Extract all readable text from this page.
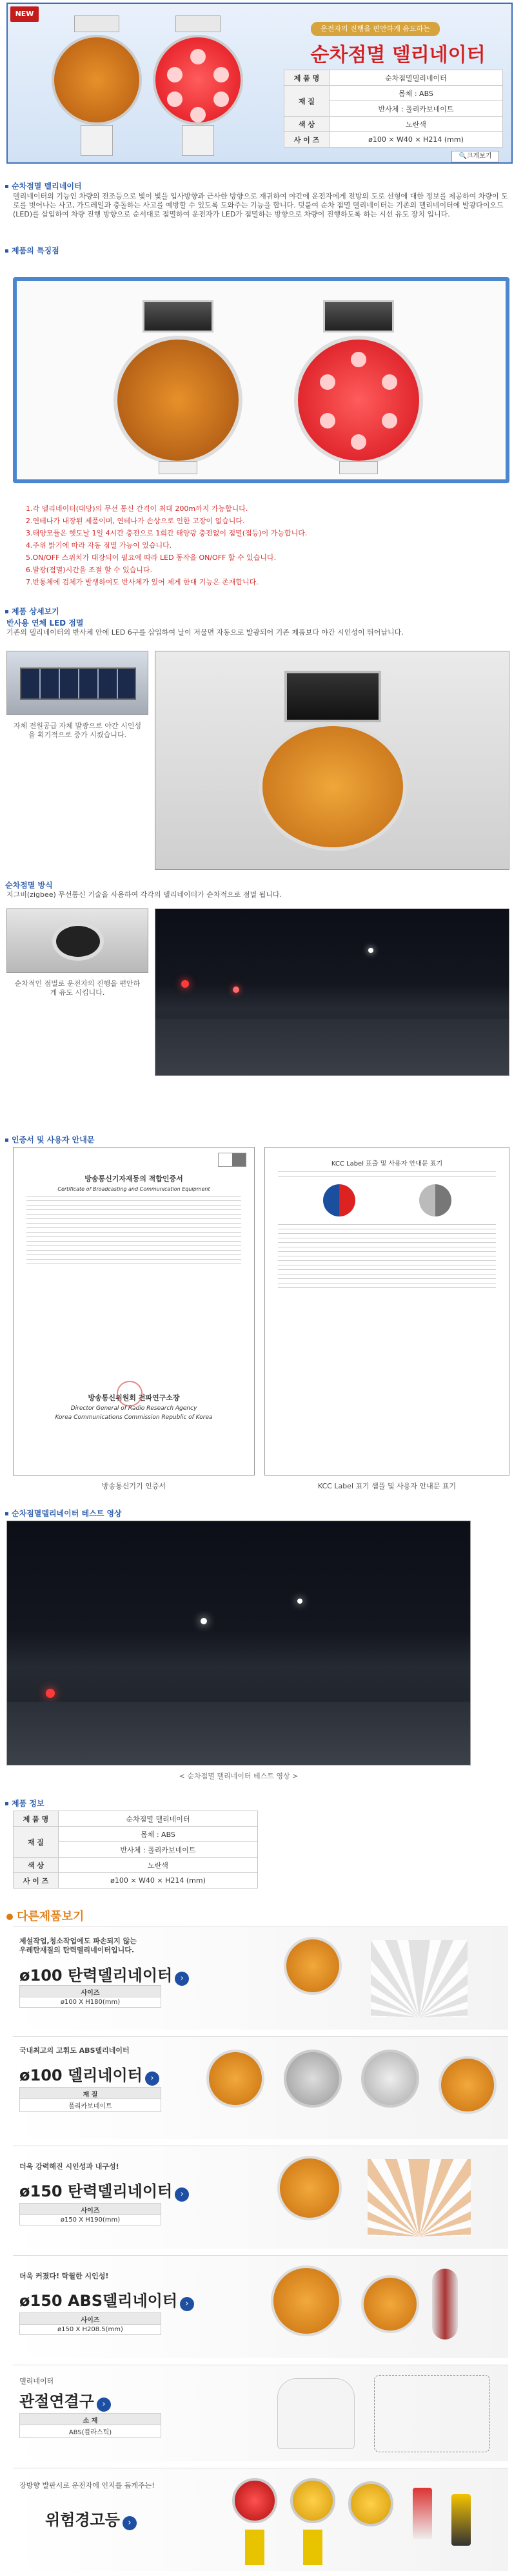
NEW
운전자의 진행을 편안하게 유도하는
순차점멸 델리네이터
제 품 명	순차점멸델리네이터
재 질	몸체 : ABS
	반사체 : 폴리카보네이트
색 상	노란색
사 이 즈	ø100 × W40 × H214 (mm)
🔍크게보기
순차점멸 델리네이터
델리네이터의 기능인 차량의 전조등으로 빛이 빛을 입사방향과 근사한 방향으로 재귀하여 야간에 운전자에게 전방의 도로 선형에 대한 정보를 제공하여 차량이 도로를 벗어나는 사고, 가드레일과 충돌하는 사고를 예방할 수 있도록 도와주는 기능을 합니다. 덧붙여 순차 점멸 델리네이터는 기존의 델리네이터에 발광다이오드(LED)를 삽입하여 차량 진행 방향으로 순서대로 점멸하여 운전자가 LED가 점멸하는 방향으로 차량이 진행하도록 하는 시선 유도 장치 입니다.
제품의 특징점
1.각 델리네이터(대당)의 무선 통신 간격이 최대 200m까지 가능합니다.
2.연테나가 내장된 제품이며, 연테나가 손상으로 인한 고장이 없습니다.
3.태양모듈은 햇도날 1일 4시간 충전으로 1회간 태양광 충전없이 점멸(점등)이 가능합니다.
4.주위 밝기에 따라 자동 점멸 가능이 있습니다.
5.ON/OFF 스위치가 대장되어 필요에 따라 LED 동작을 ON/OFF 할 수 있습니다.
6.발광(점멸)시간을 조절 할 수 있습니다.
7.반통체에 검체가 발생하여도 반사체가 있어 제게 한대 기능은 존재합니다.
제품 상세보기
반사용 연체 LED 점멸
기존의 델리네이터의 반사체 안에 LED 6구를 삽입하여 날이 저물면 자동으로 발광되어 기존 제품보다 야간 시인성이 뛰어납니다.
자체 전원공급 자체 발광으로 야간 시인성을 획기적으로 증가 시켰습니다.
순차점멸 방식
지그비(zigbee) 무선통신 기술을 사용하여 각각의 델리네이터가 순차적으로 점멸 됩니다.
순차적인 점멸로 운전자의 진행을 편안하게 유도 시킵니다.
인증서 및 사용자 안내문
방송통신기자재등의 적합인증서
Certificate of Broadcasting and Communication Equipment
방송통신위원회 전파연구소장
Director General of Radio Research Agency
Korea Communications Commission Republic of Korea
KCC Label 표출 및 사용자 안내문 표기
방송통신기기 인증서	KCC Label 표기 샘플 및 사용자 안내문 표기
순차점멸델리네이터 테스트 영상
< 순차점멸 델리네이터 테스트 영상 >
제품 정보
제 품 명	순차점멸 델리네이터
재 질	몸체 : ABS
	반사체 : 폴리카보네이트
색 상	노란색
사 이 즈	ø100 × W40 × H214 (mm)
다른제품보기
제설작업,청소작업에도 파손되지 않는
우레탄재질의 탄력델리네이터입니다.
ø100 탄력델리네이터 ›
사이즈
ø100 X H180(mm)
국내최고의 고휘도 ABS델리네이터
ø100 델리네이터 ›
재 질
폴리카보네이트
더욱 강력해진 시인성과 내구성!
ø150 탄력델리네이터 ›
사이즈
ø150 X H190(mm)
더욱 커졌다! 탁월한 시인성!
ø150 ABS델리네이터 ›
사이즈
ø150 X H208.5(mm)
델리네이터
관절연결구 ›
소 재
ABS(플라스틱)
장방향 발판시로 운전자에 인지를 돕게주는!
위험경고등 ›
